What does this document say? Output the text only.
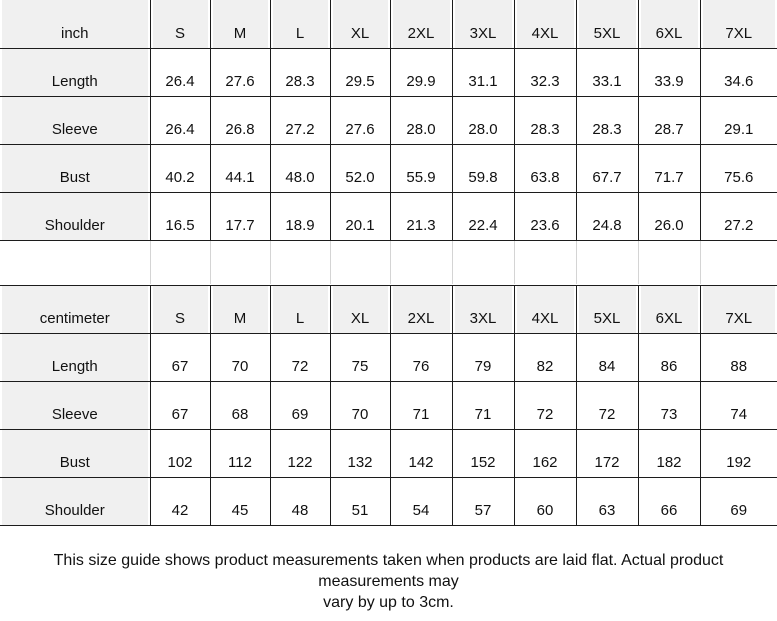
inch	S	M	L	XL	2XL	3XL	4XL	5XL	6XL	7XL
Length	26.4	27.6	28.3	29.5	29.9	31.1	32.3	33.1	33.9	34.6
Sleeve	26.4	26.8	27.2	27.6	28.0	28.0	28.3	28.3	28.7	29.1
Bust	40.2	44.1	48.0	52.0	55.9	59.8	63.8	67.7	71.7	75.6
Shoulder	16.5	17.7	18.9	20.1	21.3	22.4	23.6	24.8	26.0	27.2
centimeter	S	M	L	XL	2XL	3XL	4XL	5XL	6XL	7XL
Length	67	70	72	75	76	79	82	84	86	88
Sleeve	67	68	69	70	71	71	72	72	73	74
Bust	102	112	122	132	142	152	162	172	182	192
Shoulder	42	45	48	51	54	57	60	63	66	69

This size guide shows product measurements taken when products are laid flat. Actual product measurements may
vary by up to 3cm.
